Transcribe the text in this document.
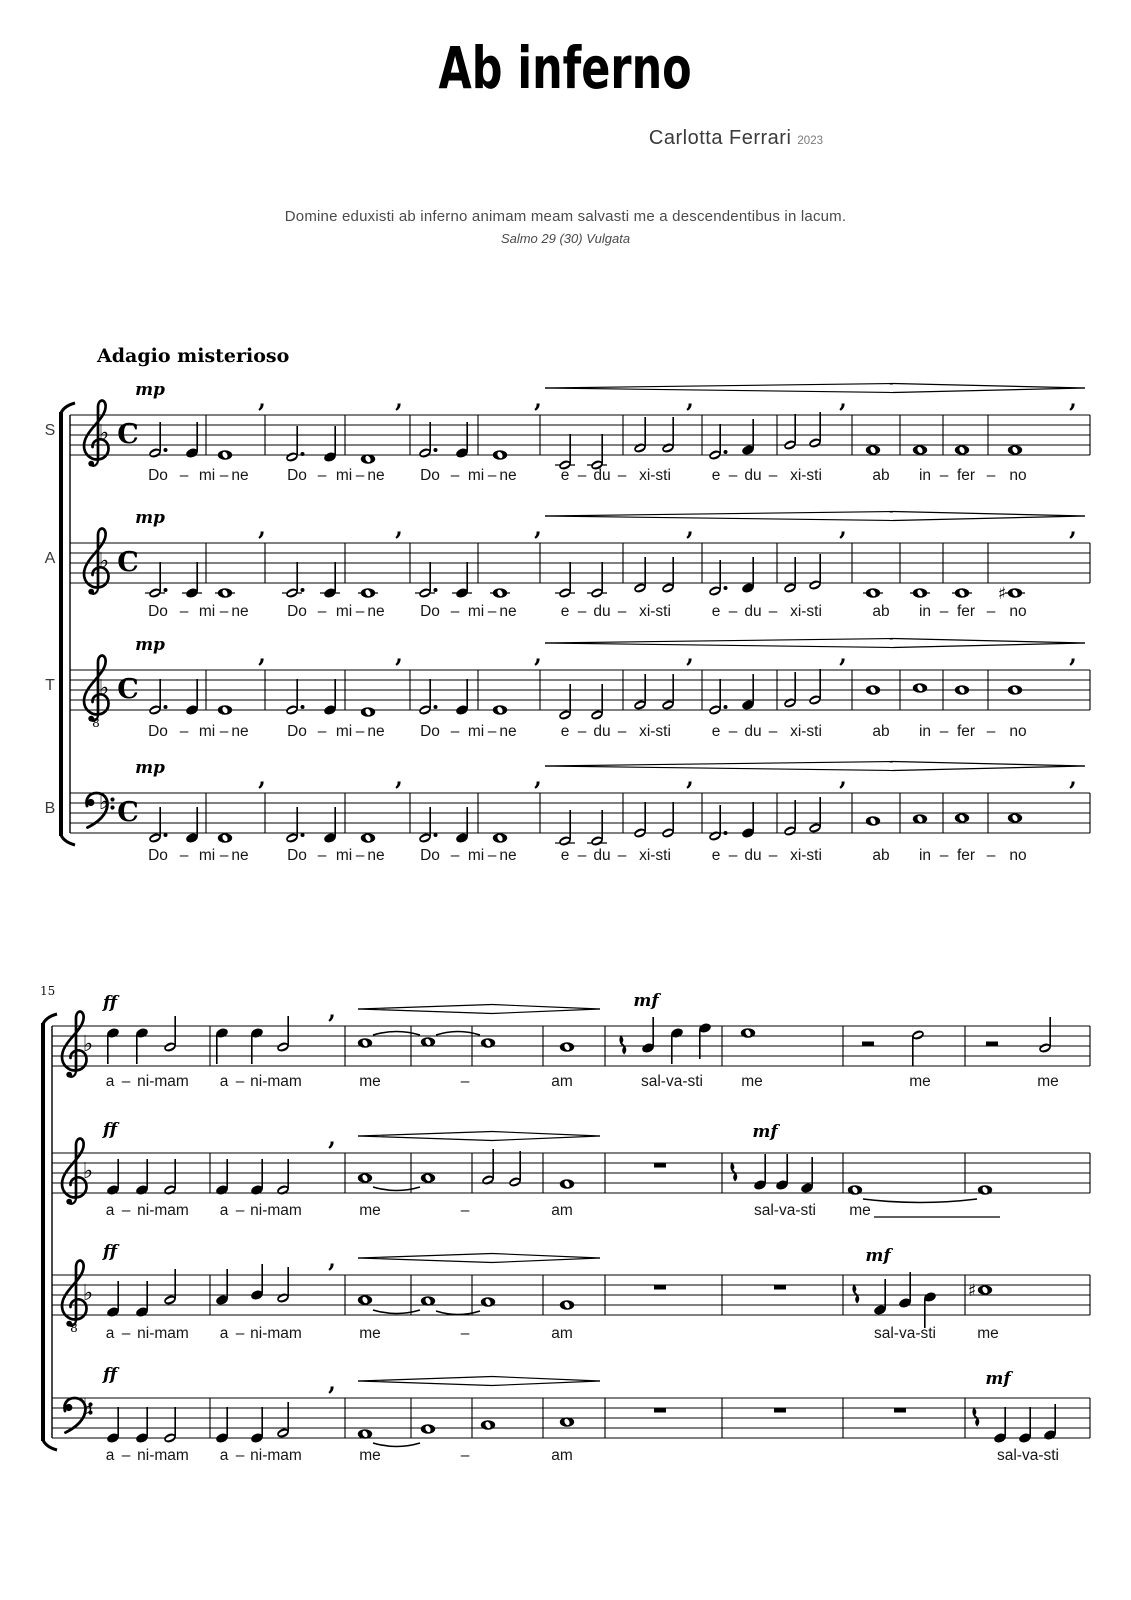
♭ C
,	,	,	,	,	,
mp
Do – mi – ne Do – mi – ne Do – mi – ne	e – du – xi-sti	e – du – xi-sti	ab in – fer – no
♭ C
,	,	,	,	,	,
mp
♯
Do – mi – ne Do – mi – ne Do – mi – ne	e – du – xi-sti	e – du – xi-sti	ab in – fer – no
8
♭ C
,	,	,	,	,	,
mp
Do – mi – ne Do – mi – ne Do – mi – ne	e – du – xi-sti	e – du – xi-sti	ab in – fer – no
♭ C
,	,	,	,	,	,
mp
Do – mi – ne Do – mi – ne Do – mi – ne	e – du – xi-sti	e – du – xi-sti	ab in – fer – no
♭
,
ff	mf
a – ni-mam a – ni-mam	me	–	am	sal-va-sti me	me	me
♭
,
ff	mf
a – ni-mam a – ni-mam	me	–	am	sal-va-sti me
8
♭
,
ff	mf
♯
a – ni-mam a – ni-mam	me	–	am	sal-va-sti	me
♭
,
ff	mf
a – ni-mam a – ni-mam	me	–	am	sal-va-sti
Ab inferno
Carlotta Ferrari 2023
Domine eduxisti ab inferno animam meam salvasti me a descendentibus in lacum.
Salmo 29 (30) Vulgata
Adagio misterioso
15
S
A
T
B
